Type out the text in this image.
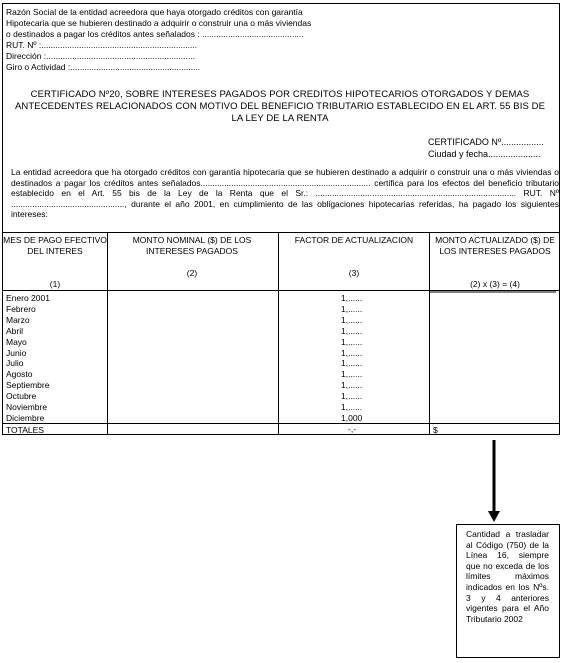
Razón Social de la entidad acreedora que haya otorgado créditos con garantía
Hipotecaria que se hubieren destinado a adquirir o construir una o más viviendas
o destinados a pagar los créditos antes señalados : ...........................................
RUT. Nº :..................................................................
Dirección :...............................................................
Giro o Actividad :.......................................................
CERTIFICADO Nº20, SOBRE INTERESES PAGADOS POR CREDITOS HIPOTECARIOS OTORGADOS Y DEMAS
ANTECEDENTES RELACIONADOS CON MOTIVO DEL BENEFICIO TRIBUTARIO ESTABLECIDO EN EL ART. 55 BIS DE
LA LEY DE LA RENTA
CERTIFICADO Nº.................
Ciudad y fecha.....................
La entidad acreedora que ha otorgado créditos con garantía hipotecaria que se hubieren destinado a adquirir o construir una o más viviendas o destinados a pagar los créditos antes señalados........................................................................ certifica para los efectos del beneficio tributario establecido en el Art. 55 bis de la Ley de la Renta que el Sr.: ..................................................................................... RUT. Nº ................................................, durante el año 2001, en cumplimiento de las obligaciones hipotecarias referidas, ha pagado los siguientes intereses:
MES DE PAGO EFECTIVO DEL INTERES
(1)
MONTO NOMINAL ($) DE LOS INTERESES PAGADOS
(2)
FACTOR DE ACTUALIZACION
(3)
MONTO ACTUALIZADO ($) DE LOS INTERESES PAGADOS
(2) x (3) = (4)
Enero 2001
Febrero
Marzo
Abril
Mayo
Junio
Julio
Agosto
Septiembre
Octubre
Noviembre
Diciembre
1,......
1,......
1,......
1,......
1,......
1,......
1,......
1,......
1,......
1,......
1,......
1,000
TOTALES	-,-	$
Cantidad a trasladar al Código (750) de la Línea 16, siempre que no exceda de los límites máximos indicados en los Nºs. 3 y 4 anteriores vigentes para el Año Tributario 2002
